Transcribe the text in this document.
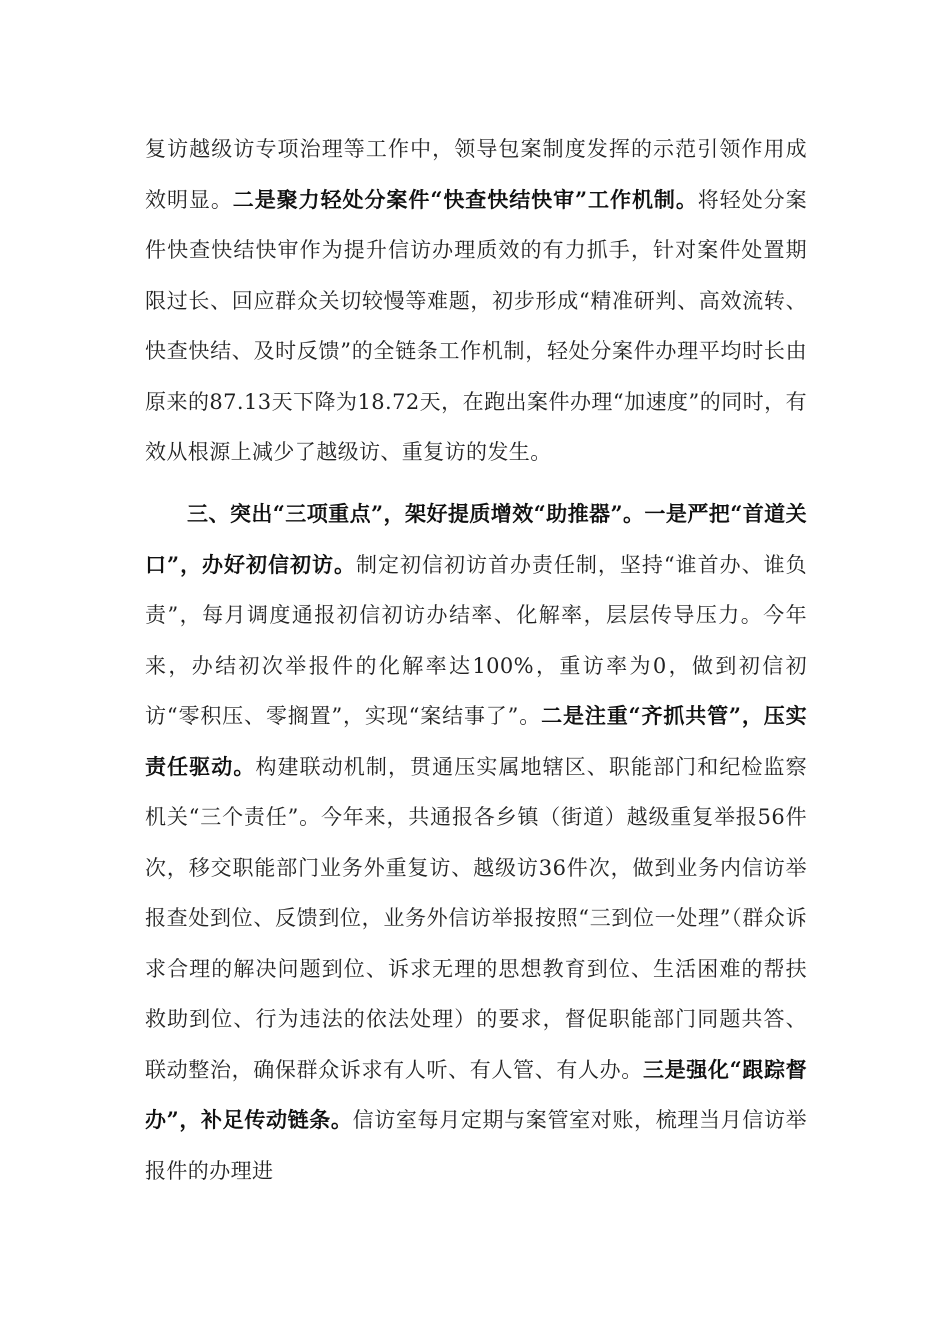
复访越级访专项治理等工作中，领导包案制度发挥的示范引领作用成效明显。二是聚力轻处分案件“快查快结快审”工作机制。将轻处分案件快查快结快审作为提升信访办理质效的有力抓手，针对案件处置期限过长、回应群众关切较慢等难题，初步形成“精准研判、高效流转、快查快结、及时反馈”的全链条工作机制，轻处分案件办理平均时长由原来的87.13天下降为18.72天，在跑出案件办理“加速度”的同时，有效从根源上减少了越级访、重复访的发生。

三、突出“三项重点”，架好提质增效“助推器”。一是严把“首道关口”，办好初信初访。制定初信初访首办责任制，坚持“谁首办、谁负责”，每月调度通报初信初访办结率、化解率，层层传导压力。今年来，办结初次举报件的化解率达100%，重访率为0，做到初信初访“零积压、零搁置”，实现“案结事了”。二是注重“齐抓共管”，压实责任驱动。构建联动机制，贯通压实属地辖区、职能部门和纪检监察机关“三个责任”。今年来，共通报各乡镇（街道）越级重复举报56件次，移交职能部门业务外重复访、越级访36件次，做到业务内信访举报查处到位、反馈到位，业务外信访举报按照“三到位一处理”（群众诉求合理的解决问题到位、诉求无理的思想教育到位、生活困难的帮扶救助到位、行为违法的依法处理）的要求，督促职能部门同题共答、联动整治，确保群众诉求有人听、有人管、有人办。三是强化“跟踪督办”，补足传动链条。信访室每月定期与案管室对账，梳理当月信访举报件的办理进
